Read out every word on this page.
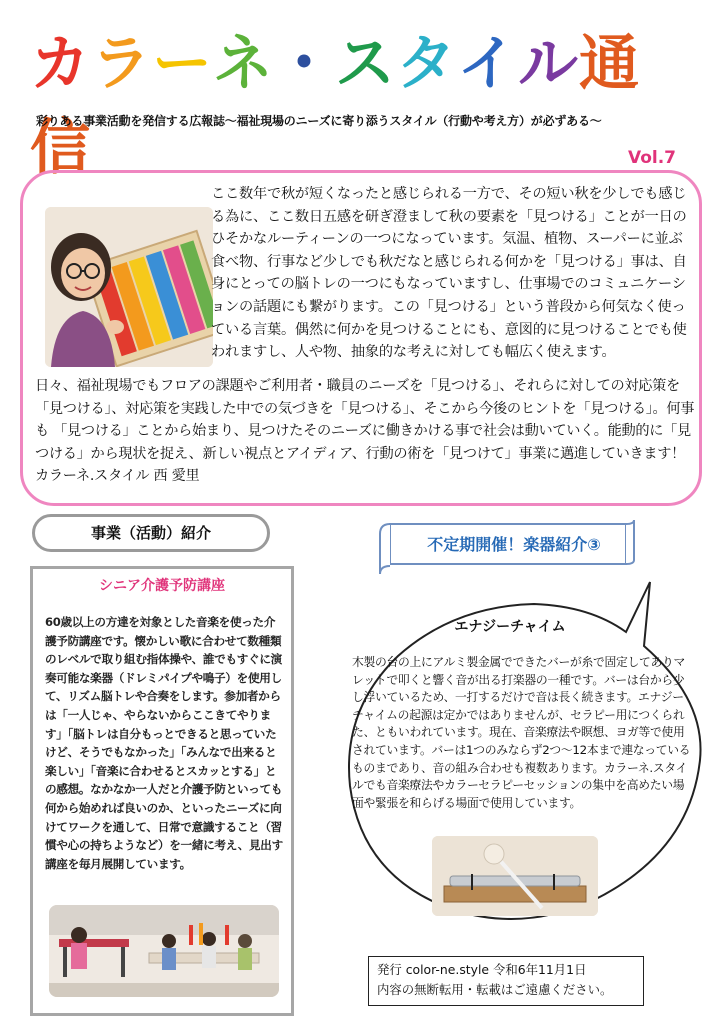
カラーネ・スタイル通信
彩りある事業活動を発信する広報誌～福祉現場のニーズに寄り添うスタイル（行動や考え方）が必ずある～
Vol.7
ここ数年で秋が短くなったと感じられる一方で、その短い秋を少しでも感じる為に、ここ数日五感を研ぎ澄まして秋の要素を「見つける」ことが一日のひそかなルーティーンの一つになっています。気温、植物、スーパーに並ぶ食べ物、行事など少しでも秋だなと感じられる何かを「見つける」事は、自身にとっての脳トレの一つにもなっていますし、仕事場でのコミュニケーションの話題にも繋がります。この「見つける」という普段から何気なく使っている言葉。偶然に何かを見つけることにも、意図的に見つけることでも使われますし、人や物、抽象的な考えに対しても幅広く使えます。
日々、福祉現場でもフロアの課題やご利用者・職員のニーズを「見つける」、それらに対しての対応策を「見つける」、対応策を実践した中での気づきを「見つける」、そこから今後のヒントを「見つける」。何事も 「見つける」ことから始まり、見つけたそのニーズに働きかける事で社会は動いていく。能動的に「見つける」から現状を捉え、新しい視点とアイディア、行動の術を「見つけて」事業に邁進していきます！ カラーネ.スタイル 西 愛里
事業（活動）紹介
シニア介護予防講座
60歳以上の方達を対象とした音楽を使った介護予防講座です。懐かしい歌に合わせて数種類のレベルで取り組む指体操や、誰でもすぐに演奏可能な楽器（ドレミパイプや鳴子）を使用して、リズム脳トレや合奏をします。参加者からは「一人じゃ、やらないからここきてやります」「脳トレは自分もっとできると思っていたけど、そうでもなかった」「みんなで出来ると楽しい」「音楽に合わせるとスカッとする」との感想。なかなか一人だと介護予防といっても何から始めれば良いのか、といったニーズに向けてワークを通して、日常で意識すること（習慣や心の持ちようなど）を一緒に考え、見出す講座を毎月展開しています。
不定期開催！楽器紹介③
エナジーチャイム
木製の台の上にアルミ製金属でできたバーが糸で固定してありマレットで叩くと響く音が出る打楽器の一種です。バーは台から少し浮いているため、一打するだけで音は長く続きます。エナジーチャイムの起源は定かではありませんが、セラピー用につくられた、ともいわれています。現在、音楽療法や瞑想、ヨガ等で使用されています。バーは1つのみならず2つ～12本まで連なっているものまであり、音の組み合わせも複数あります。カラーネ.スタイルでも音楽療法やカラーセラピーセッションの集中を高めたい場面や緊張を和らげる場面で使用しています。
発行 color-ne.style 令和6年11月1日
内容の無断転用・転載はご遠慮ください。
